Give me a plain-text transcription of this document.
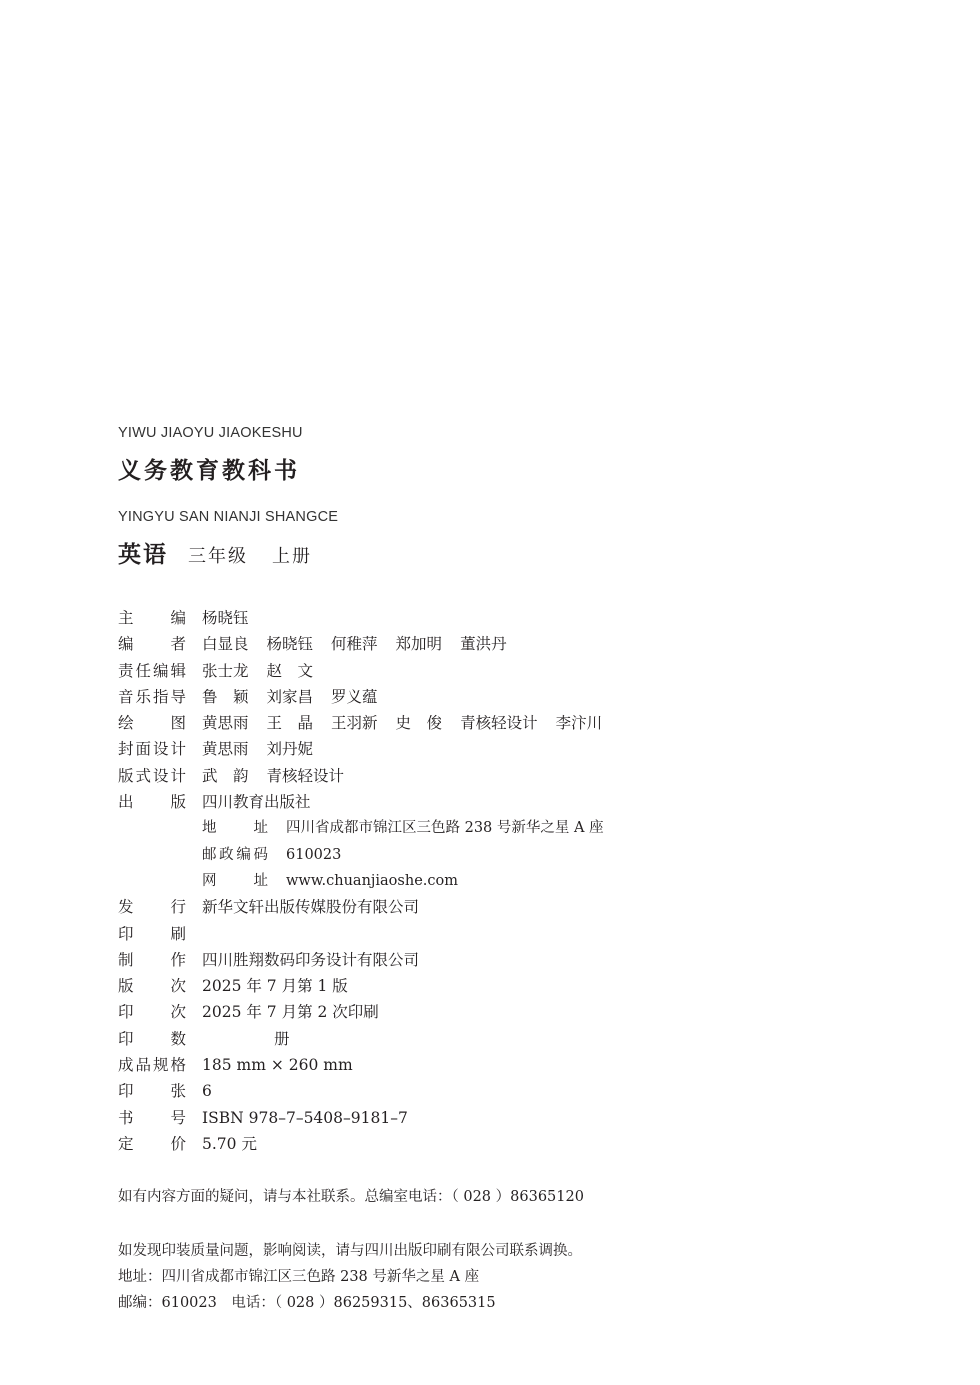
YIWU JIAOYU JIAOKESHU
义务教育教科书
YINGYU SAN NIANJI SHANGCE
英语 三年级 上册
主编 杨晓钰
编者 白显良 杨晓钰 何稚萍 郑加明 董洪丹
责任编辑 张士龙 赵　文
音乐指导 鲁　颖 刘家昌 罗义蕴
绘图 黄思雨 王　晶 王羽新 史　俊 青核轻设计 李汴川
封面设计 黄思雨 刘丹妮
版式设计 武　韵 青核轻设计
出版 四川教育出版社
地址 四川省成都市锦江区三色路 238 号新华之星 A 座
邮政编码 610023
网址 www.chuanjiaoshe.com
发行 新华文轩出版传媒股份有限公司
印刷
制作 四川胜翔数码印务设计有限公司
版次 2025 年 7 月第 1 版
印次 2025 年 7 月第 2 次印刷
印数	册
成品规格 185 mm × 260 mm
印张 6
书号 ISBN 978–7–5408–9181–7
定价 5.70 元
如有内容方面的疑问，请与本社联系。总编室电话：（ 028 ）86365120
如发现印装质量问题，影响阅读，请与四川出版印刷有限公司联系调换。
地址：四川省成都市锦江区三色路 238 号新华之星 A 座
邮编：610023　电话：（ 028 ）86259315、86365315
